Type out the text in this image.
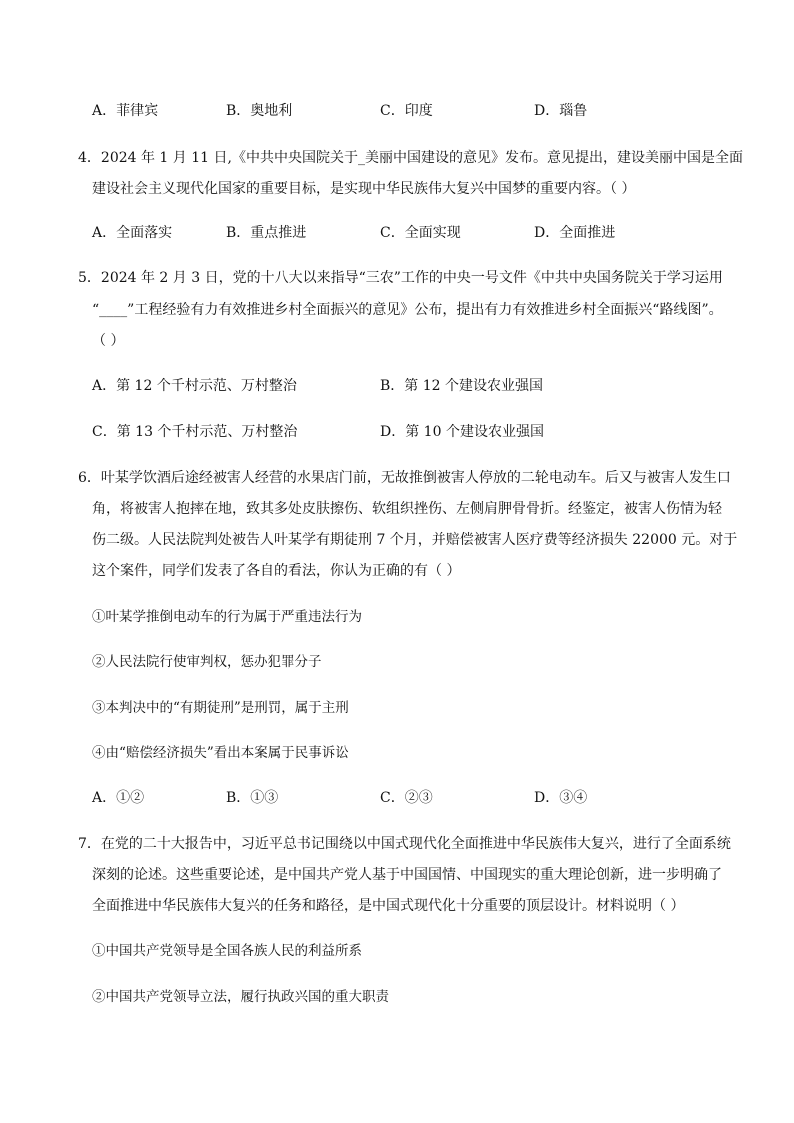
A．菲律宾	B．奥地利	C．印度	D．瑙鲁
4．2024 年 1 月 11 日,《中共中央国院关于_美丽中国建设的意见》发布。意见提出，建设美丽中国是全面
建设社会主义现代化国家的重要目标，是实现中华民族伟大复兴中国梦的重要内容。（ ）
A．全面落实	B．重点推进	C．全面实现	D．全面推进
5．2024 年 2 月 3 日，党的十八大以来指导“三农”工作的中央一号文件《中共中央国务院关于学习运用
“____”工程经验有力有效推进乡村全面振兴的意见》公布，提出有力有效推进乡村全面振兴“路线图”。
（ ）
A．第 12 个千村示范、万村整治	B．第 12 个建设农业强国
C．第 13 个千村示范、万村整治	D．第 10 个建设农业强国
6．叶某学饮酒后途经被害人经营的水果店门前，无故推倒被害人停放的二轮电动车。后又与被害人发生口
角，将被害人抱摔在地，致其多处皮肤擦伤、软组织挫伤、左侧肩胛骨骨折。经鉴定，被害人伤情为轻
伤二级。人民法院判处被告人叶某学有期徒刑 7 个月，并赔偿被害人医疗费等经济损失 22000 元。对于
这个案件，同学们发表了各自的看法，你认为正确的有（ ）
①叶某学推倒电动车的行为属于严重违法行为
②人民法院行使审判权，惩办犯罪分子
③本判决中的“有期徒刑”是刑罚，属于主刑
④由“赔偿经济损失”看出本案属于民事诉讼
A．①②	B．①③	C．②③	D．③④
7．在党的二十大报告中，习近平总书记围绕以中国式现代化全面推进中华民族伟大复兴，进行了全面系统
深刻的论述。这些重要论述，是中国共产党人基于中国国情、中国现实的重大理论创新，进一步明确了
全面推进中华民族伟大复兴的任务和路径，是中国式现代化十分重要的顶层设计。材料说明（ ）
①中国共产党领导是全国各族人民的利益所系
②中国共产党领导立法，履行执政兴国的重大职责
